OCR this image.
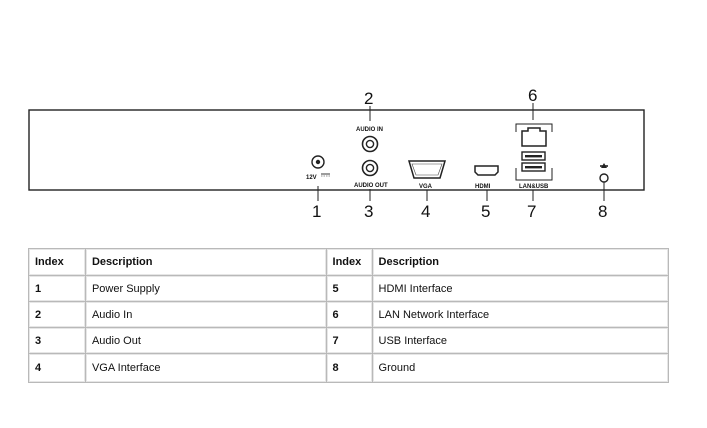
12V
2
AUDIO IN
AUDIO OUT	VGA	HDMI
6
LAN&USB
1	3	4	5 7	8
Index	Description	Index	Description
1	Power Supply	5	HDMI Interface
2	Audio In	6	LAN Network Interface
3	Audio Out	7	USB Interface
4	VGA Interface	8	Ground
